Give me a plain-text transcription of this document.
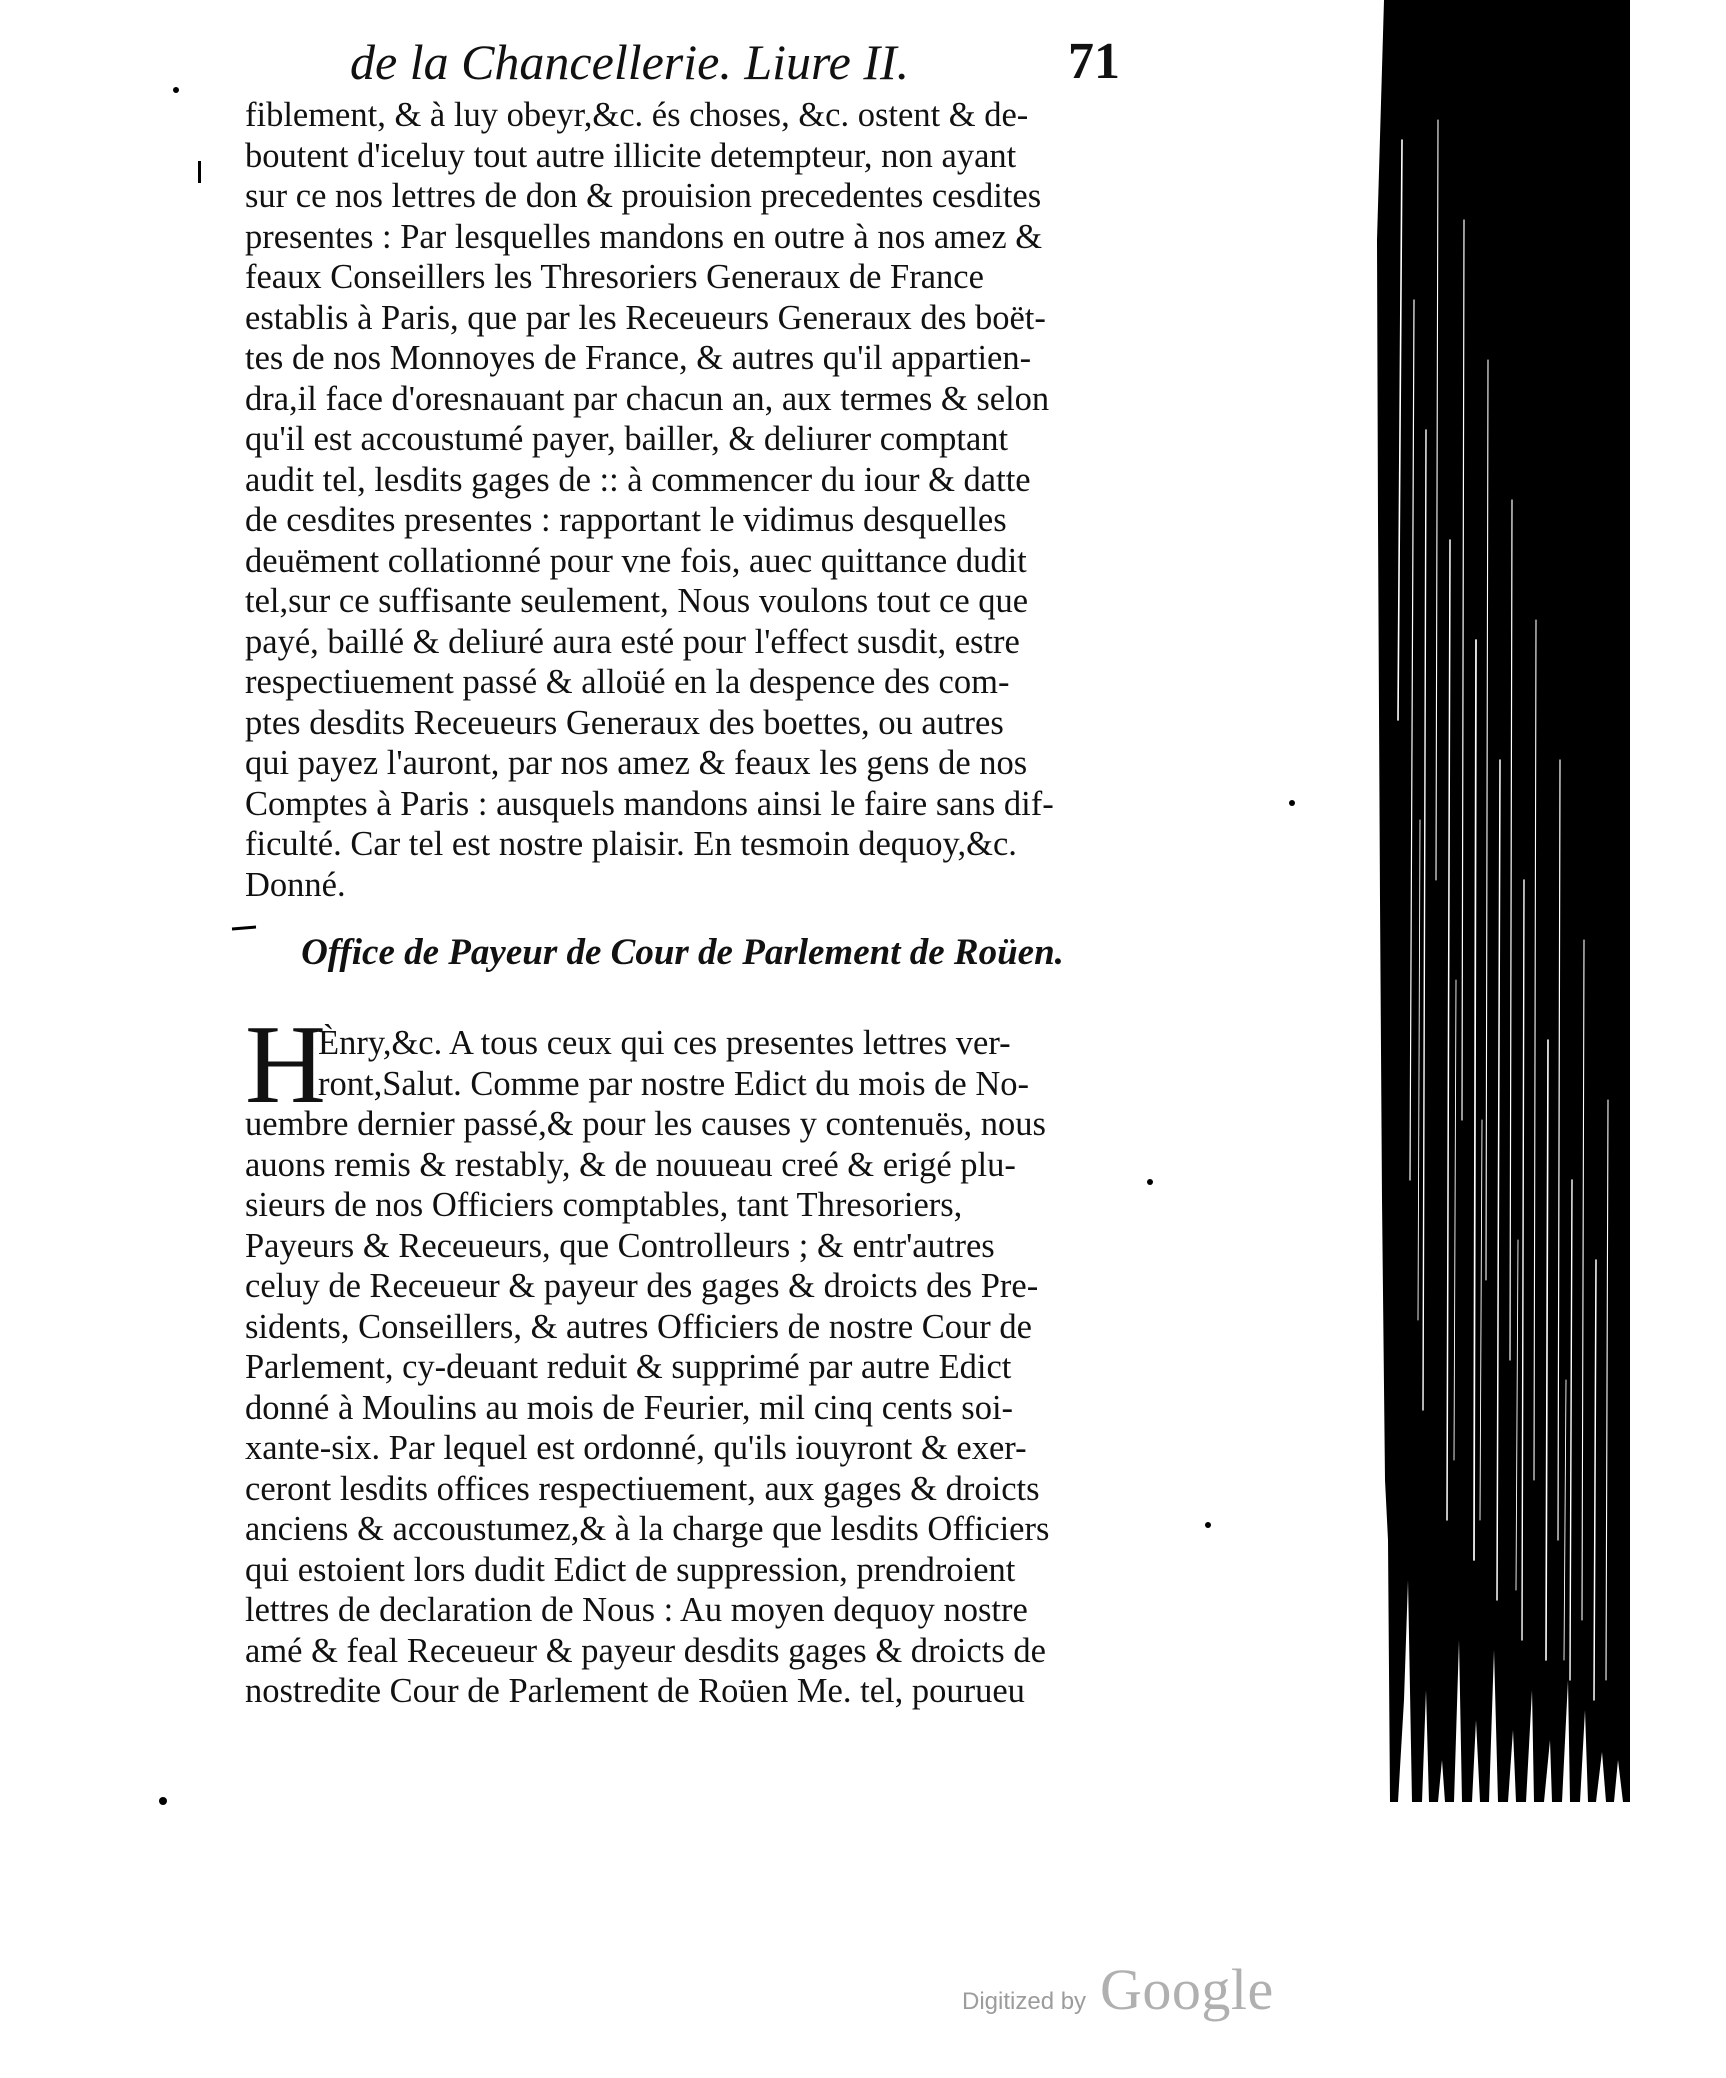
de la Chancellerie. Liure II.	71

fiblement, & à luy obeyr,&c. és choses, &c. ostent & de-

boutent d'iceluy tout autre illicite detempteur, non ayant

sur ce nos lettres de don & prouision precedentes cesdites

presentes : Par lesquelles mandons en outre à nos amez &

feaux Conseillers les Thresoriers Generaux de France

establis à Paris, que par les Receueurs Generaux des boët-

tes de nos Monnoyes de France, & autres qu'il appartien-

dra,il face d'oresnauant par chacun an, aux termes & selon

qu'il est accoustumé payer, bailler, & deliurer comptant

audit tel, lesdits gages de :: à commencer du iour & datte

de cesdites presentes : rapportant le vidimus desquelles

deuëment collationné pour vne fois, auec quittance dudit

tel,sur ce suffisante seulement, Nous voulons tout ce que

payé, baillé & deliuré aura esté pour l'effect susdit, estre

respectiuement passé & alloüé en la despence des com-

ptes desdits Receueurs Generaux des boettes, ou autres

qui payez l'auront, par nos amez & feaux les gens de nos

Comptes à Paris : ausquels mandons ainsi le faire sans dif-

ficulté. Car tel est nostre plaisir. En tesmoin dequoy,&c.

Donné.

Office de Payeur de Cour de Parlement de Roüen.
H

Ènry,&c. A tous ceux qui ces presentes lettres ver-

ront,Salut. Comme par nostre Edict du mois de No-

uembre dernier passé,& pour les causes y contenuës, nous

auons remis & restably, & de nouueau creé & erigé plu-

sieurs de nos Officiers comptables, tant Thresoriers,

Payeurs & Receueurs, que Controlleurs ; & entr'autres

celuy de Receueur & payeur des gages & droicts des Pre-

sidents, Conseillers, & autres Officiers de nostre Cour de

Parlement, cy-deuant reduit & supprimé par autre Edict

donné à Moulins au mois de Feurier, mil cinq cents soi-

xante-six. Par lequel est ordonné, qu'ils iouyront & exer-

ceront lesdits offices respectiuement, aux gages & droicts

anciens & accoustumez,& à la charge que lesdits Officiers

qui estoient lors dudit Edict de suppression, prendroient

lettres de declaration de Nous : Au moyen dequoy nostre

amé & feal Receueur & payeur desdits gages & droicts de

nostredite Cour de Parlement de Roüen Me. tel, pourueu

Digitized by Google
